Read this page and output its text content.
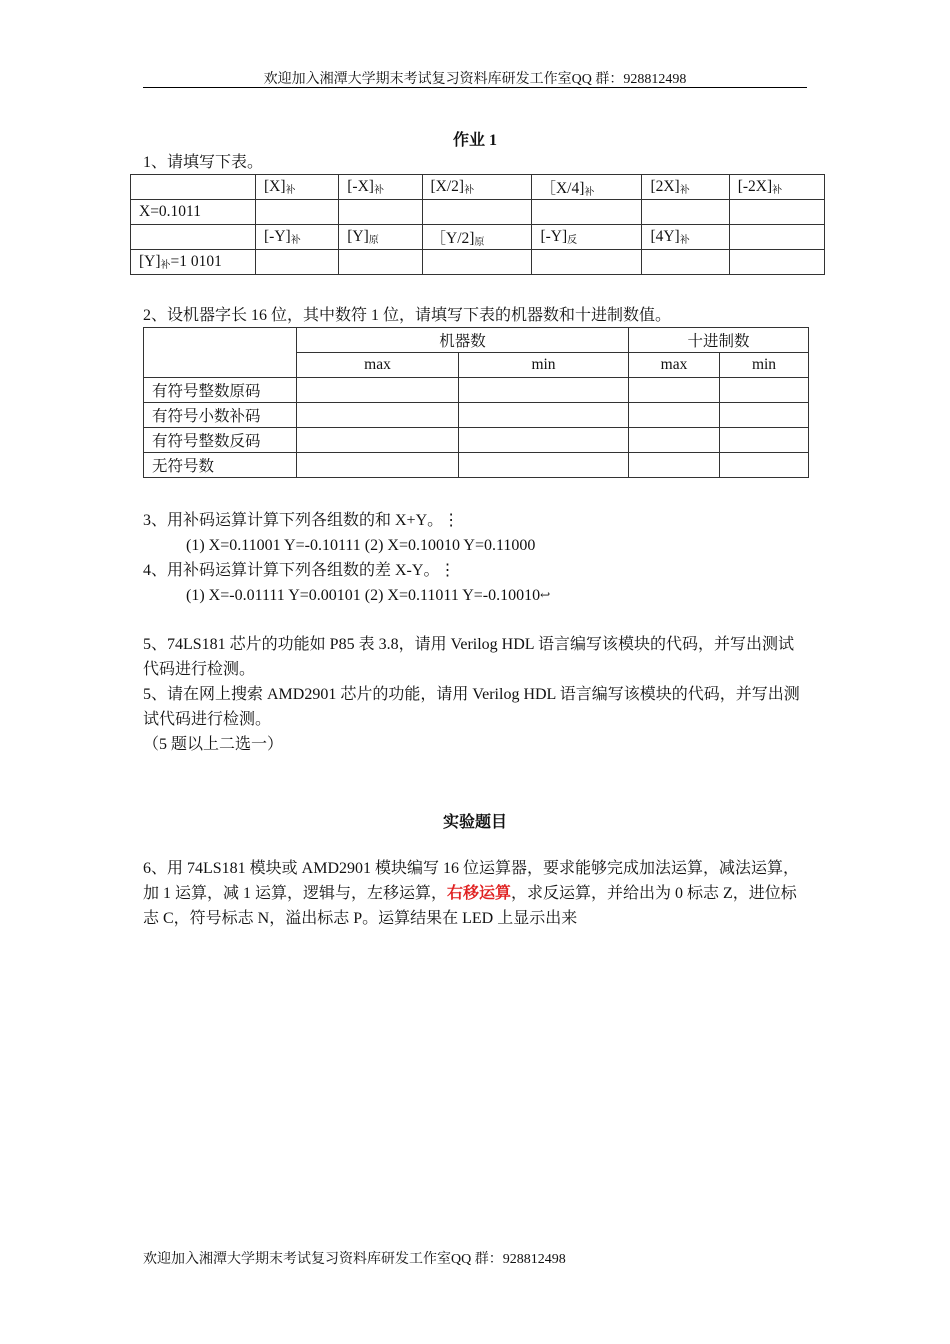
欢迎加入湘潭大学期末考试复习资料库研发工作室QQ 群：928812498
作业 1
1、请填写下表。
	$[X]_补$	$[-X]_补$	$[X/2]_补$	$[X/4]_补$	$[2X]_补$	$[-2X]_补$
X=0.1011						
	$[-Y]_补$	$[Y]_原$	$[Y/2]_原$	$[-Y]_反$	$[4Y]_补$	
$[Y]_补=1$ 0101						
2、设机器字长 16 位，其中数符 1 位，请填写下表的机器数和十进制数值。
	机器数		十进制数	
	max	min	max	min
有符号整数原码				
有符号小数补码				
有符号整数反码				
无符号数				
3、用补码运算计算下列各组数的和 X+Y。⋮
(1) X=0.11001 Y=-0.10111 (2) X=0.10010 Y=0.11000
4、用补码运算计算下列各组数的差 X-Y。⋮
(1) X=-0.01111 Y=0.00101 (2) X=0.11011 Y=-0.10010↩︎
5、74LS181 芯片的功能如 P85 表 3.8，请用 Verilog HDL 语言编写该模块的代码，并写出测试代码进行检测。
5、请在网上搜索 AMD2901 芯片的功能，请用 Verilog HDL 语言编写该模块的代码，并写出测试代码进行检测。
（5 题以上二选一）
实验题目
6、用 74LS181 模块或 AMD2901 模块编写 16 位运算器，要求能够完成加法运算，减法运算，加 1 运算，减 1 运算，逻辑与，左移运算，右移运算，求反运算，并给出为 0 标志 Z，进位标志 C，符号标志 N，溢出标志 P。运算结果在 LED 上显示出来
欢迎加入湘潭大学期末考试复习资料库研发工作室QQ 群：928812498
